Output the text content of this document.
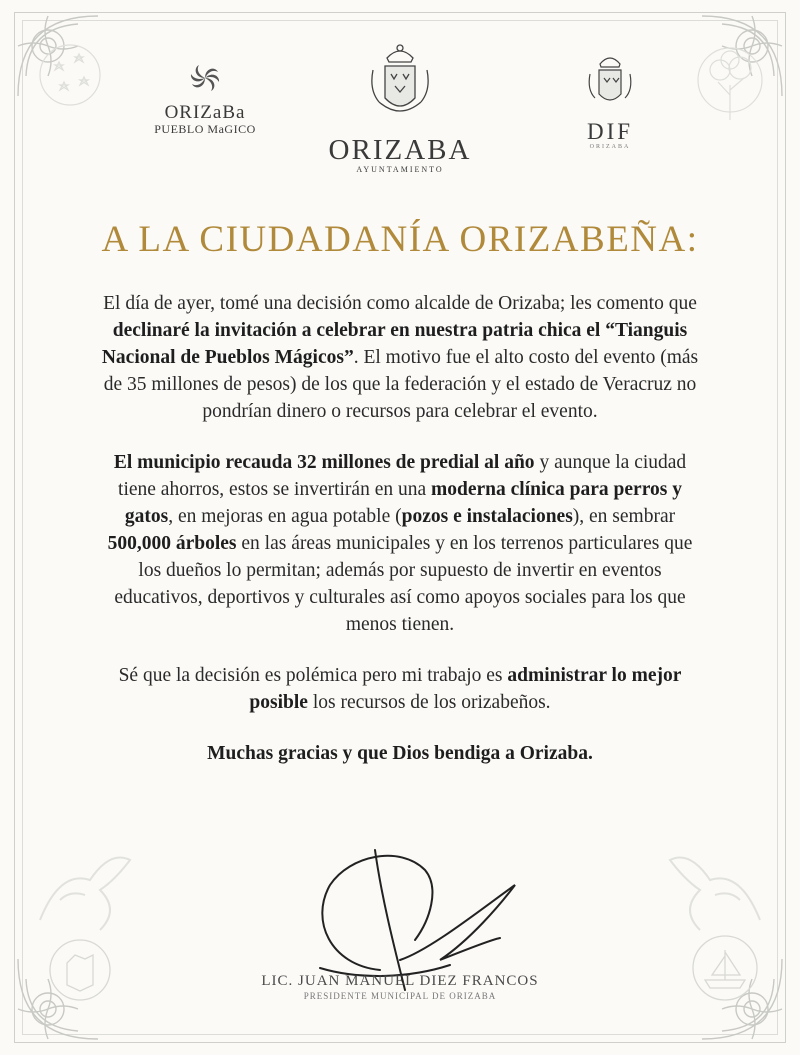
ORIZaBa
PUEBLO MaGICO
ORIZABA
AYUNTAMIENTO
DIF
ORIZABA
A LA CIUDADANÍA ORIZABEÑA:

El día de ayer, tomé una decisión como alcalde de Orizaba; les comento que declinaré la invitación a celebrar en nuestra patria chica el “Tianguis Nacional de Pueblos Mágicos”. El motivo fue el alto costo del evento (más de 35 millones de pesos) de los que la federación y el estado de Veracruz no pondrían dinero o recursos para celebrar el evento.

El municipio recauda 32 millones de predial al año y aunque la ciudad tiene ahorros, estos se invertirán en una moderna clínica para perros y gatos, en mejoras en agua potable (pozos e instalaciones), en sembrar 500,000 árboles en las áreas municipales y en los terrenos particulares que los dueños lo permitan; además por supuesto de invertir en eventos educativos, deportivos y culturales así como apoyos sociales para los que menos tienen.

Sé que la decisión es polémica pero mi trabajo es administrar lo mejor posible los recursos de los orizabeños.

Muchas gracias y que Dios bendiga a Orizaba.

LIC. JUAN MANUEL DIEZ FRANCOS
PRESIDENTE MUNICIPAL DE ORIZABA
